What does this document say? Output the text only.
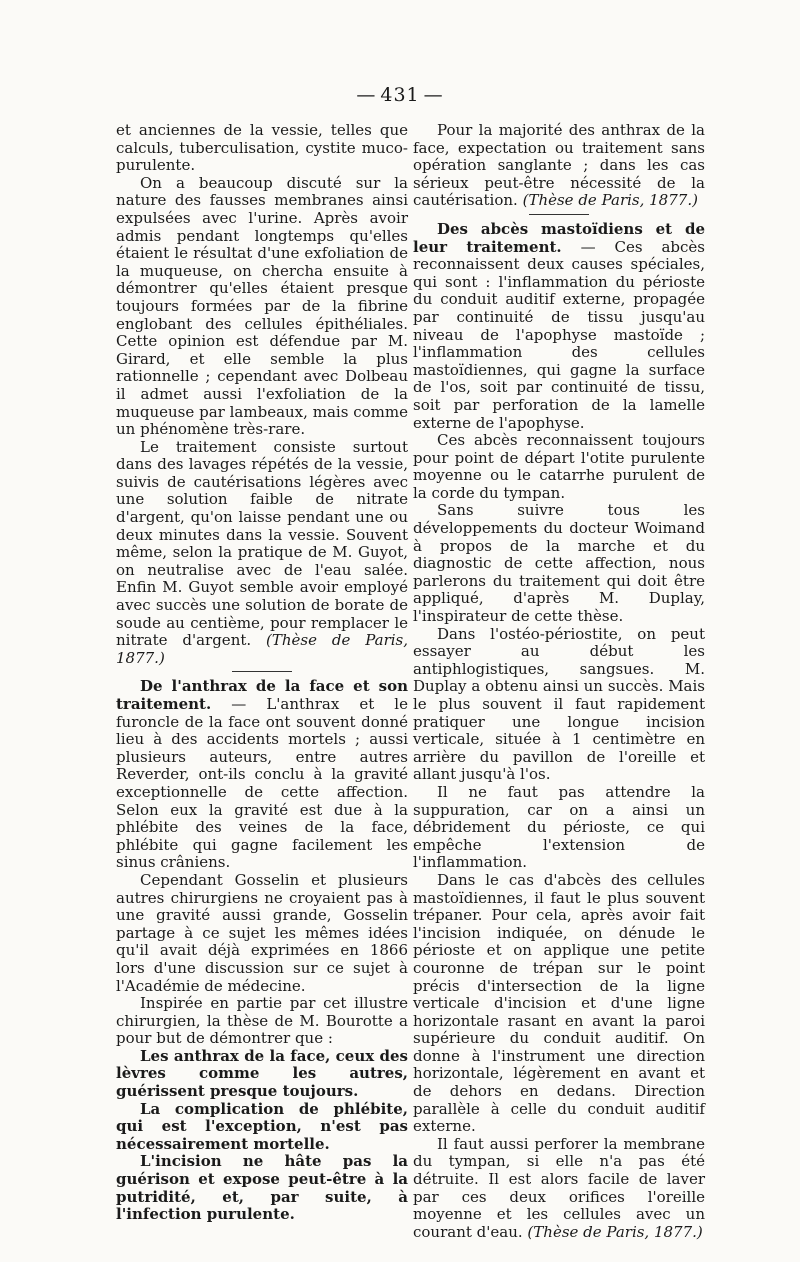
— 431 —

et anciennes de la vessie, telles que calculs, tuberculisation, cystite muco-purulente.

On a beaucoup discuté sur la nature des fausses membranes ainsi expulsées avec l'urine. Après avoir admis pendant longtemps qu'elles étaient le résultat d'une exfoliation de la muqueuse, on chercha ensuite à démontrer qu'elles étaient presque toujours formées par de la fibrine englobant des cellules épithéliales. Cette opinion est défendue par M. Girard, et elle semble la plus rationnelle ; cependant avec Dolbeau il admet aussi l'exfoliation de la muqueuse par lambeaux, mais comme un phénomène très-rare.

Le traitement consiste surtout dans des lavages répétés de la vessie, suivis de cautérisations légères avec une solution faible de nitrate d'argent, qu'on laisse pendant une ou deux minutes dans la vessie. Souvent même, selon la pratique de M. Guyot, on neutralise avec de l'eau salée. Enfin M. Guyot semble avoir employé avec succès une solution de borate de soude au centième, pour remplacer le nitrate d'argent. (Thèse de Paris, 1877.)

De l'anthrax de la face et son traitement. — L'anthrax et le furoncle de la face ont souvent donné lieu à des accidents mortels ; aussi plusieurs auteurs, entre autres Reverder, ont-ils conclu à la gravité exceptionnelle de cette affection. Selon eux la gravité est due à la phlébite des veines de la face, phlébite qui gagne facilement les sinus crâniens.

Cependant Gosselin et plusieurs autres chirurgiens ne croyaient pas à une gravité aussi grande, Gosselin partage à ce sujet les mêmes idées qu'il avait déjà exprimées en 1866 lors d'une discussion sur ce sujet à l'Académie de médecine.

Inspirée en partie par cet illustre chirurgien, la thèse de M. Bourotte a pour but de démontrer que :

Les anthrax de la face, ceux des lèvres comme les autres, guérissent presque toujours.

La complication de phlébite, qui est l'exception, n'est pas nécessairement mortelle.

L'incision ne hâte pas la guérison et expose peut-être à la putridité, et, par suite, à l'infection purulente.

Pour la majorité des anthrax de la face, expectation ou traitement sans opération sanglante ; dans les cas sérieux peut-être nécessité de la cautérisation. (Thèse de Paris, 1877.)

Des abcès mastoïdiens et de leur traitement. — Ces abcès reconnaissent deux causes spéciales, qui sont : l'inflammation du périoste du conduit auditif externe, propagée par continuité de tissu jusqu'au niveau de l'apophyse mastoïde ; l'inflammation des cellules mastoïdiennes, qui gagne la surface de l'os, soit par continuité de tissu, soit par perforation de la lamelle externe de l'apophyse.

Ces abcès reconnaissent toujours pour point de départ l'otite purulente moyenne ou le catarrhe purulent de la corde du tympan.

Sans suivre tous les développements du docteur Woimand à propos de la marche et du diagnostic de cette affection, nous parlerons du traitement qui doit être appliqué, d'après M. Duplay, l'inspirateur de cette thèse.

Dans l'ostéo-périostite, on peut essayer au début les antiphlogistiques, sangsues. M. Duplay a obtenu ainsi un succès. Mais le plus souvent il faut rapidement pratiquer une longue incision verticale, située à 1 centimètre en arrière du pavillon de l'oreille et allant jusqu'à l'os.

Il ne faut pas attendre la suppuration, car on a ainsi un débridement du périoste, ce qui empêche l'extension de l'inflammation.

Dans le cas d'abcès des cellules mastoïdiennes, il faut le plus souvent trépaner. Pour cela, après avoir fait l'incision indiquée, on dénude le périoste et on applique une petite couronne de trépan sur le point précis d'intersection de la ligne verticale d'incision et d'une ligne horizontale rasant en avant la paroi supérieure du conduit auditif. On donne à l'instrument une direction horizontale, légèrement en avant et de dehors en dedans. Direction parallèle à celle du conduit auditif externe.

Il faut aussi perforer la membrane du tympan, si elle n'a pas été détruite. Il est alors facile de laver par ces deux orifices l'oreille moyenne et les cellules avec un courant d'eau. (Thèse de Paris, 1877.)
